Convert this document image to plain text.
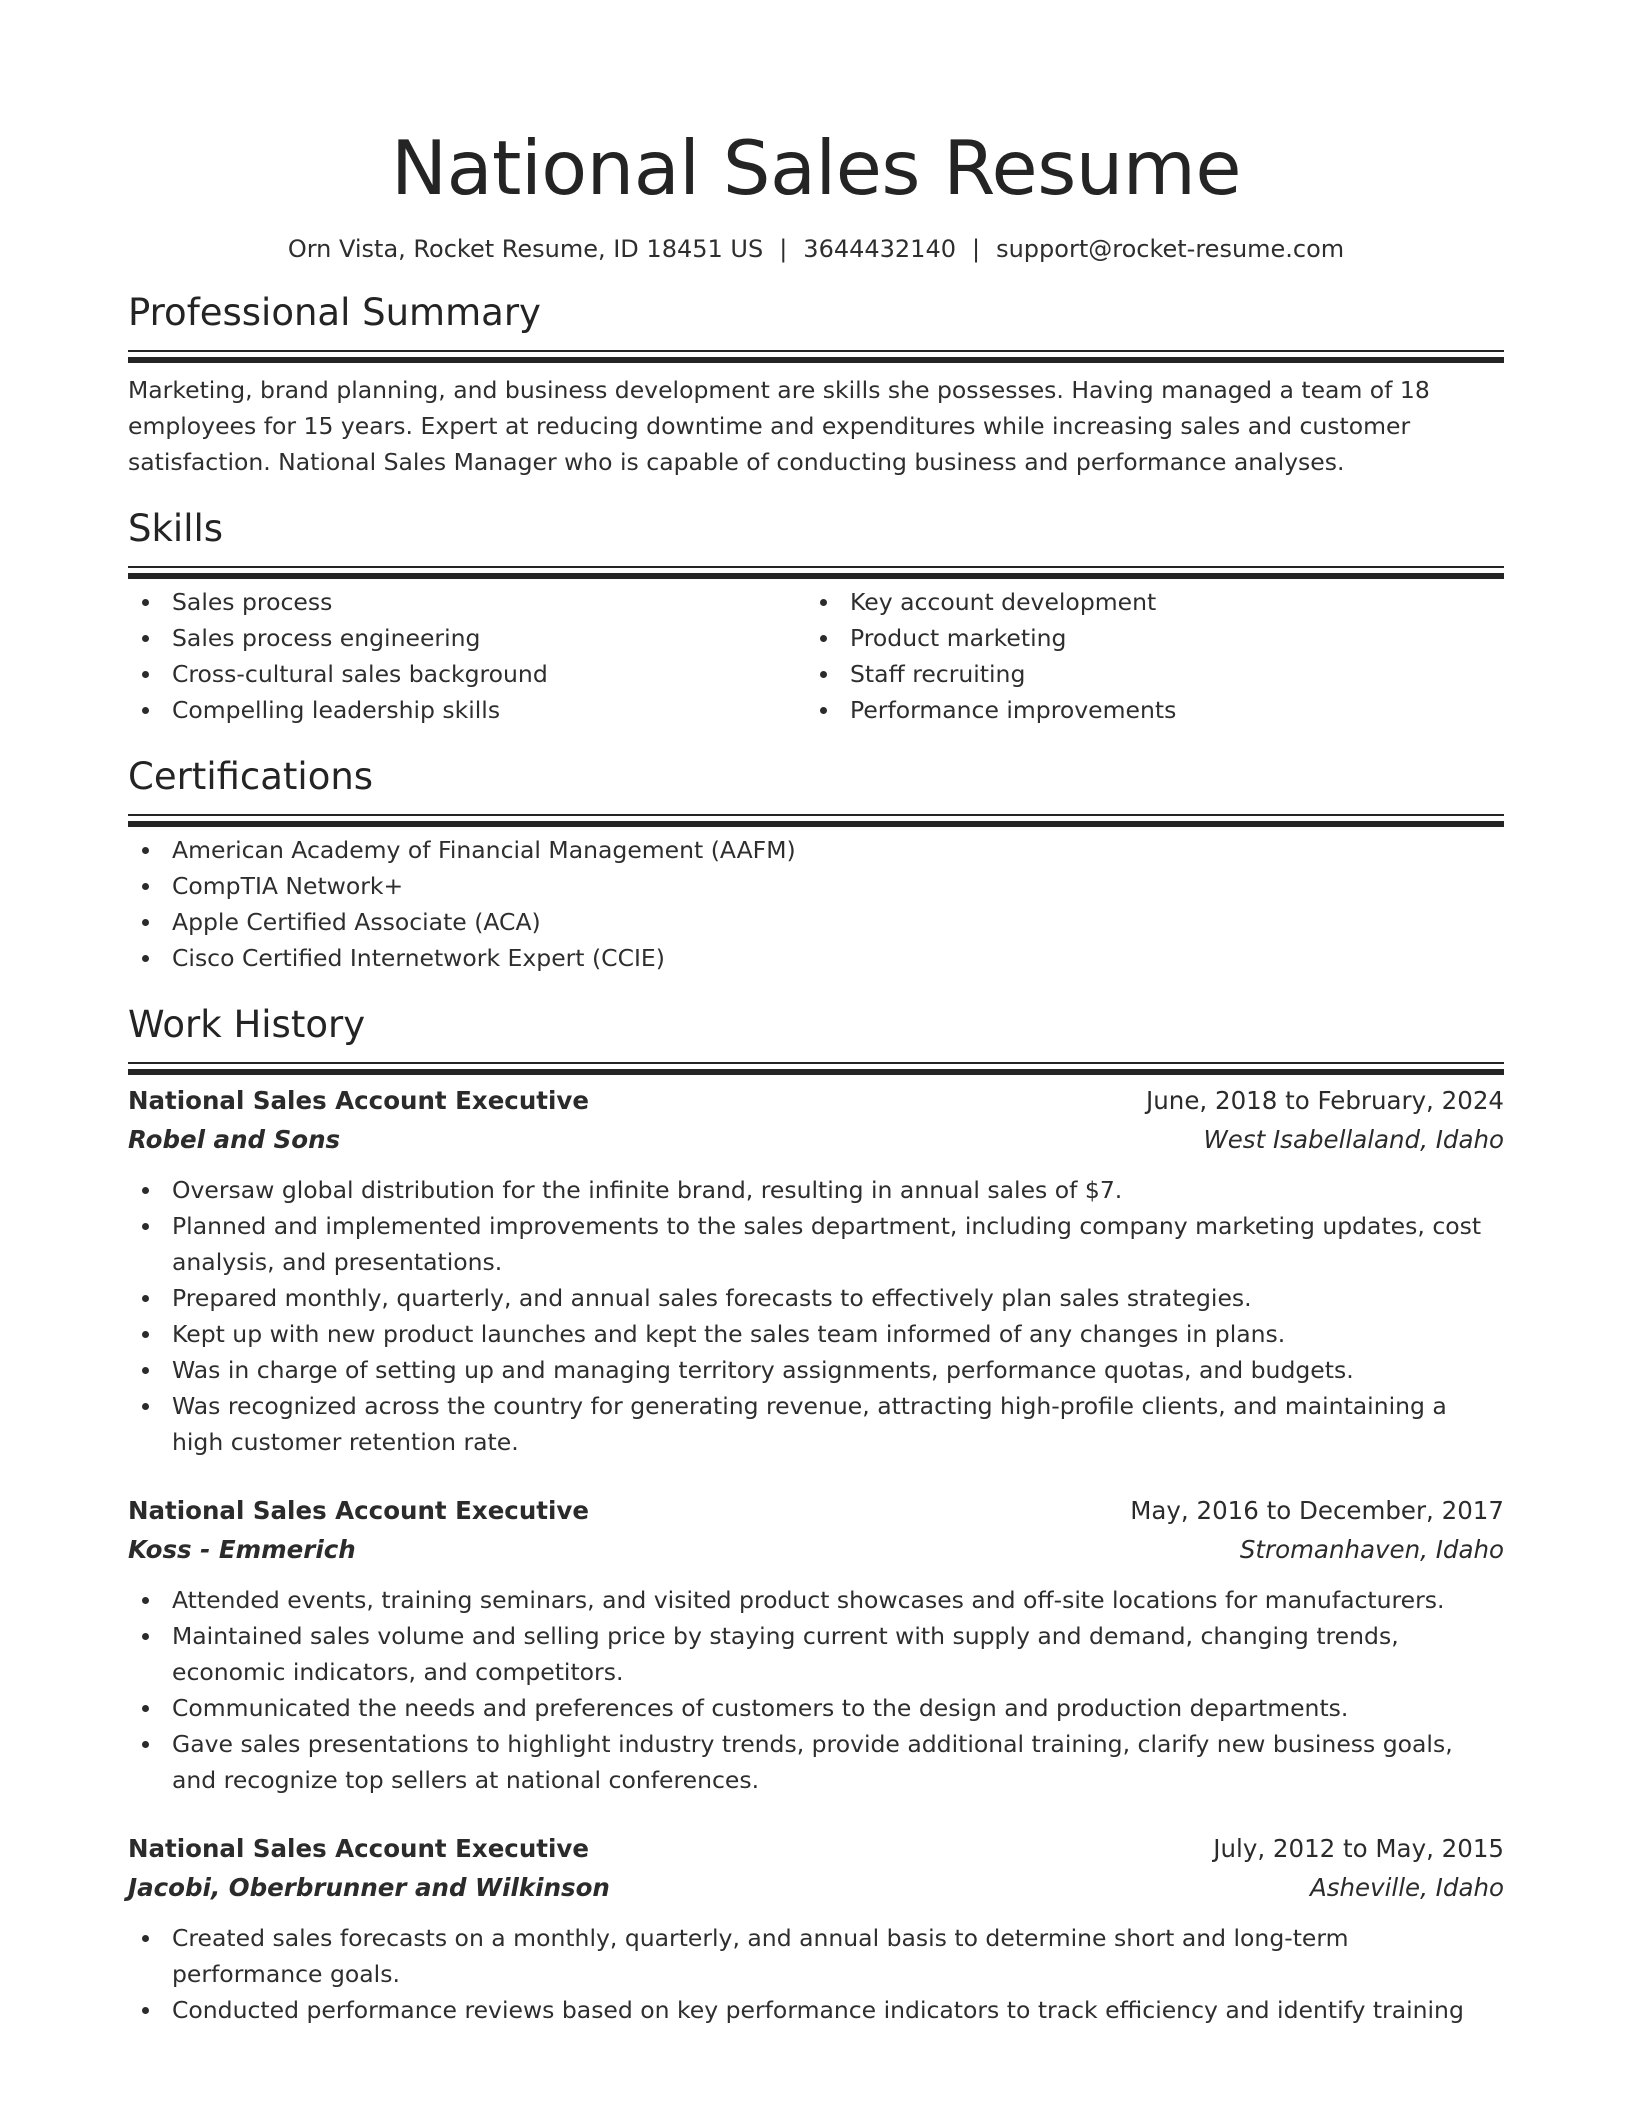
National Sales Resume
Orn Vista, Rocket Resume, ID 18451 US | 3644432140 | support@rocket-resume.com
Professional Summary
Marketing, brand planning, and business development are skills she possesses. Having managed a team of 18 employees for 15 years. Expert at reducing downtime and expenditures while increasing sales and customer satisfaction. National Sales Manager who is capable of conducting business and performance analyses.
Skills
Sales process
Sales process engineering
Cross-cultural sales background
Compelling leadership skills
Key account development
Product marketing
Staff recruiting
Performance improvements
Certifications
American Academy of Financial Management (AAFM)
CompTIA Network+
Apple Certified Associate (ACA)
Cisco Certified Internetwork Expert (CCIE)
Work History
National Sales Account Executive	June, 2018 to February, 2024
Robel and Sons	West Isabellaland, Idaho
Oversaw global distribution for the infinite brand, resulting in annual sales of $7.
Planned and implemented improvements to the sales department, including company marketing updates, cost analysis, and presentations.
Prepared monthly, quarterly, and annual sales forecasts to effectively plan sales strategies.
Kept up with new product launches and kept the sales team informed of any changes in plans.
Was in charge of setting up and managing territory assignments, performance quotas, and budgets.
Was recognized across the country for generating revenue, attracting high-profile clients, and maintaining a high customer retention rate.
National Sales Account Executive	May, 2016 to December, 2017
Koss - Emmerich	Stromanhaven, Idaho
Attended events, training seminars, and visited product showcases and off-site locations for manufacturers.
Maintained sales volume and selling price by staying current with supply and demand, changing trends, economic indicators, and competitors.
Communicated the needs and preferences of customers to the design and production departments.
Gave sales presentations to highlight industry trends, provide additional training, clarify new business goals, and recognize top sellers at national conferences.
National Sales Account Executive	July, 2012 to May, 2015
Jacobi, Oberbrunner and Wilkinson	Asheville, Idaho
Created sales forecasts on a monthly, quarterly, and annual basis to determine short and long-term performance goals.
Conducted performance reviews based on key performance indicators to track efficiency and identify training
